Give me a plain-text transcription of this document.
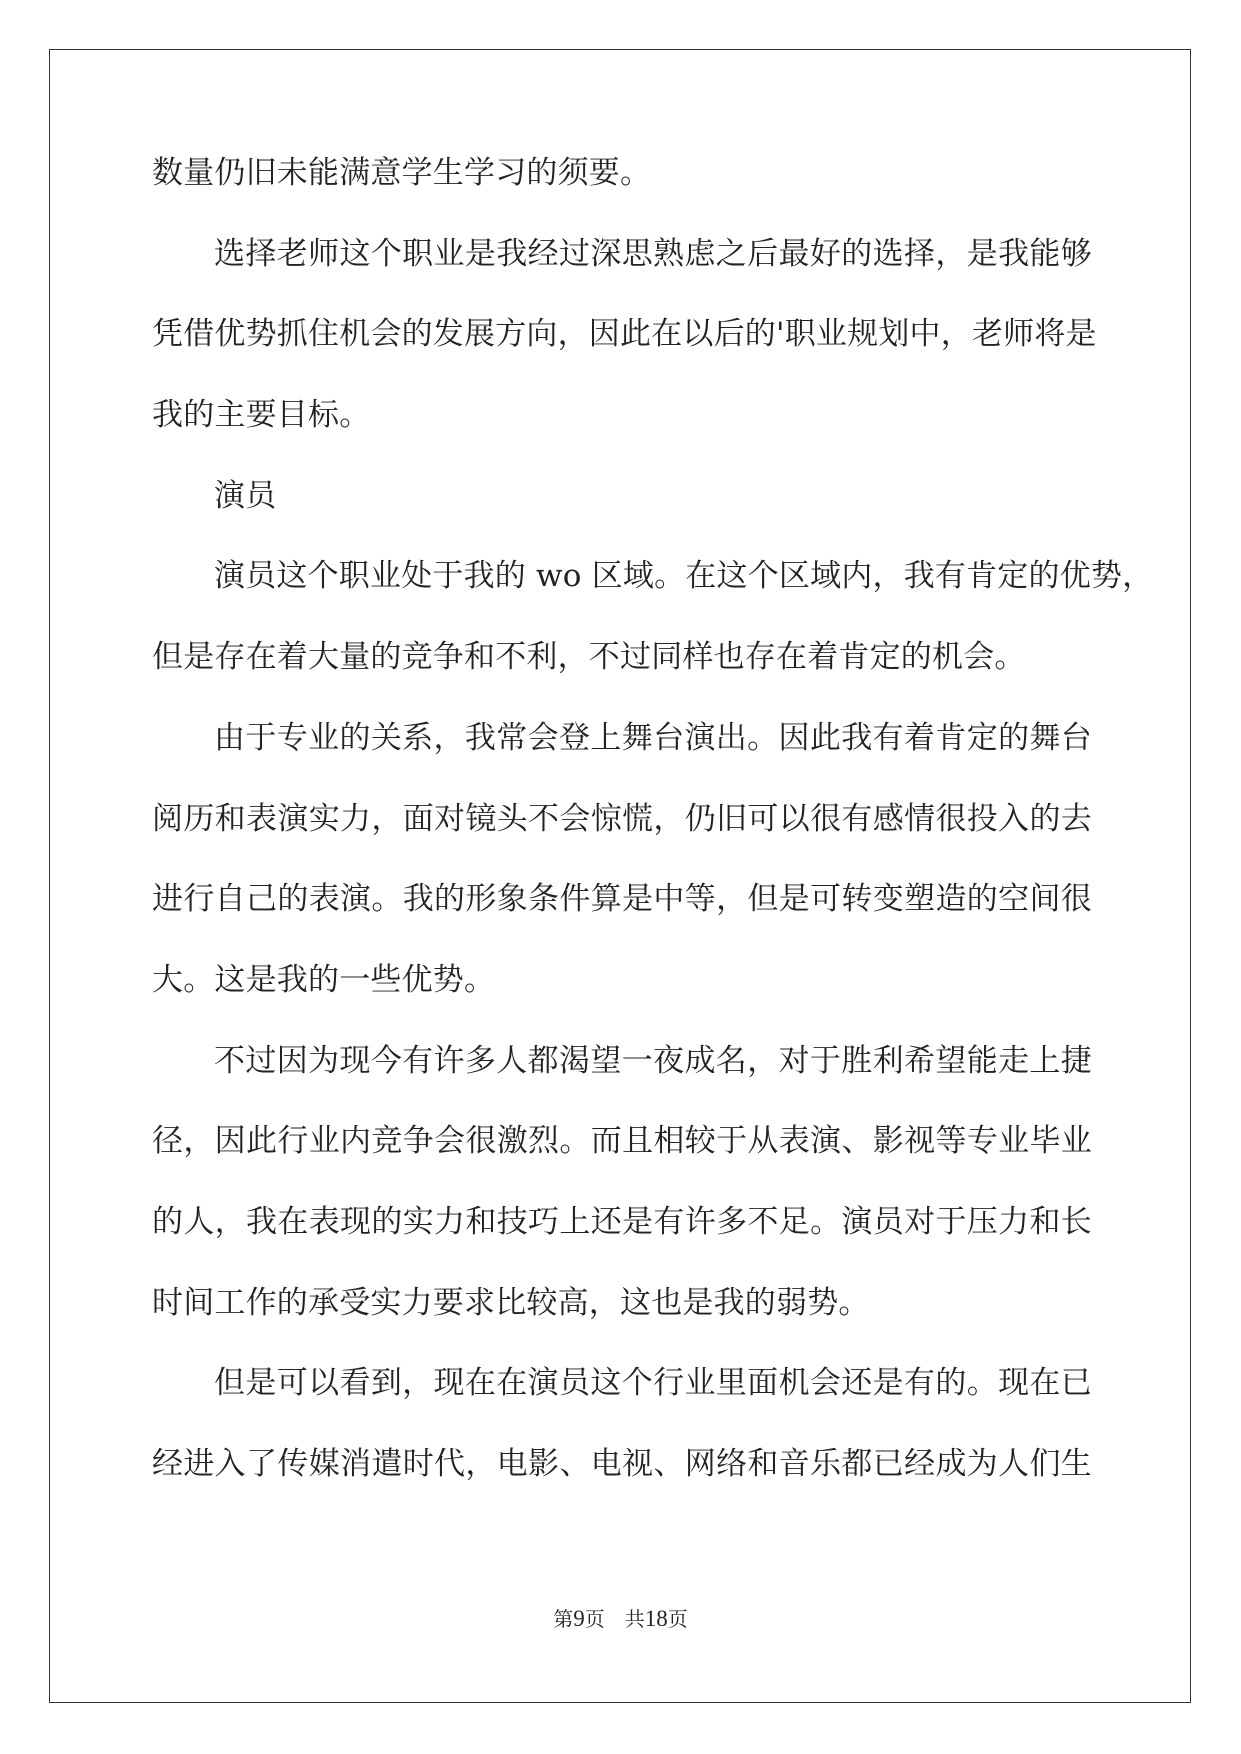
数量仍旧未能满意学生学习的须要。
选择老师这个职业是我经过深思熟虑之后最好的选择，是我能够
凭借优势抓住机会的发展方向，因此在以后的'职业规划中，老师将是
我的主要目标。
演员
演员这个职业处于我的 wo 区域。在这个区域内，我有肯定的优势，
但是存在着大量的竞争和不利，不过同样也存在着肯定的机会。
由于专业的关系，我常会登上舞台演出。因此我有着肯定的舞台
阅历和表演实力，面对镜头不会惊慌，仍旧可以很有感情很投入的去
进行自己的表演。我的形象条件算是中等，但是可转变塑造的空间很
大。这是我的一些优势。
不过因为现今有许多人都渴望一夜成名，对于胜利希望能走上捷
径，因此行业内竞争会很激烈。而且相较于从表演、影视等专业毕业
的人，我在表现的实力和技巧上还是有许多不足。演员对于压力和长
时间工作的承受实力要求比较高，这也是我的弱势。
但是可以看到，现在在演员这个行业里面机会还是有的。现在已
经进入了传媒消遣时代，电影、电视、网络和音乐都已经成为人们生
第9页 共18页
